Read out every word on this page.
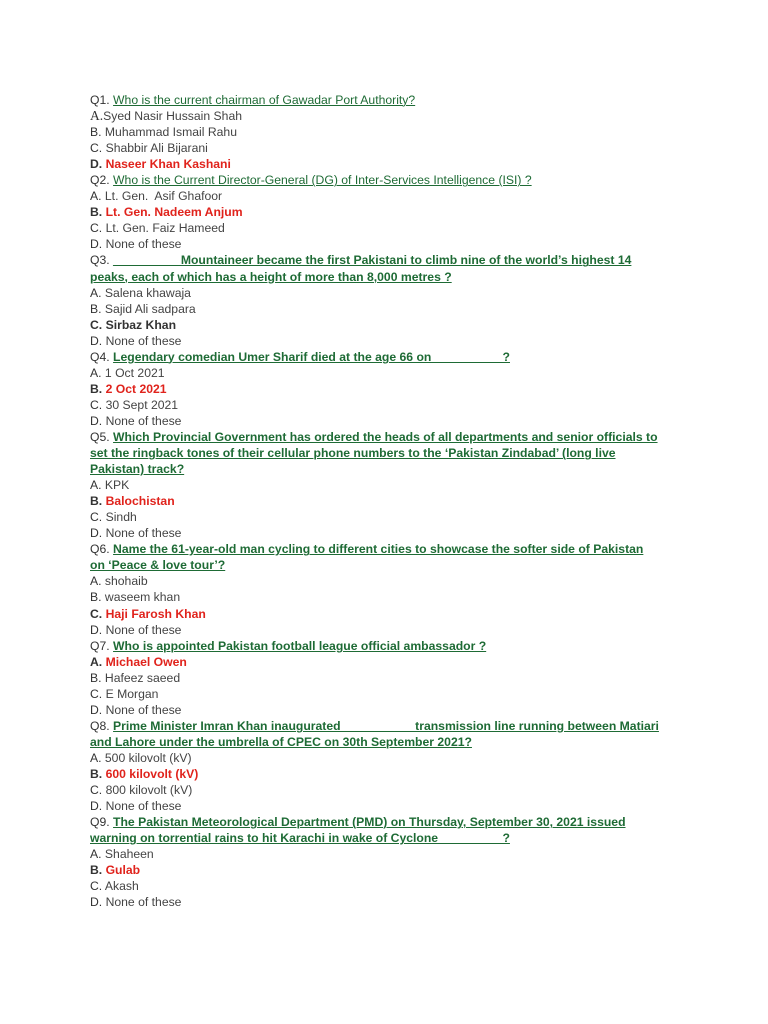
Q1. Who is the current chairman of Gawadar Port Authority?
A.Syed Nasir Hussain Shah
B. Muhammad Ismail Rahu
C. Shabbir Ali Bijarani
D. Naseer Khan Kashani
Q2. Who is the Current Director-General (DG) of Inter-Services Intelligence (ISI) ?
A. Lt. Gen.  Asif Ghafoor
B. Lt. Gen. Nadeem Anjum
C. Lt. Gen. Faiz Hameed
D. None of these
Q3. __________Mountaineer became the first Pakistani to climb nine of the world’s highest 14
peaks, each of which has a height of more than 8,000 metres ?
A. Salena khawaja
B. Sajid Ali sadpara
C. Sirbaz Khan
D. None of these
Q4. Legendary comedian Umer Sharif died at the age 66 on __________?
A. 1 Oct 2021
B. 2 Oct 2021
C. 30 Sept 2021
D. None of these
Q5. Which Provincial Government has ordered the heads of all departments and senior officials to
set the ringback tones of their cellular phone numbers to the ‘Pakistan Zindabad’ (long live
Pakistan) track?
A. KPK
B. Balochistan
C. Sindh
D. None of these
Q6. Name the 61-year-old man cycling to different cities to showcase the softer side of Pakistan
on ‘Peace & love tour’?
A. shohaib
B. waseem khan
C. Haji Farosh Khan
D. None of these
Q7. Who is appointed Pakistan football league official ambassador ?
A. Michael Owen
B. Hafeez saeed
C. E Morgan
D. None of these
Q8. Prime Minister Imran Khan inaugurated __________ transmission line running between Matiari
and Lahore under the umbrella of CPEC on 30th September 2021?
A. 500 kilovolt (kV)
B. 600 kilovolt (kV)
C. 800 kilovolt (kV)
D. None of these
Q9. The Pakistan Meteorological Department (PMD) on Thursday, September 30, 2021 issued
warning on torrential rains to hit Karachi in wake of Cyclone _________?
A. Shaheen
B. Gulab
C. Akash
D. None of these
